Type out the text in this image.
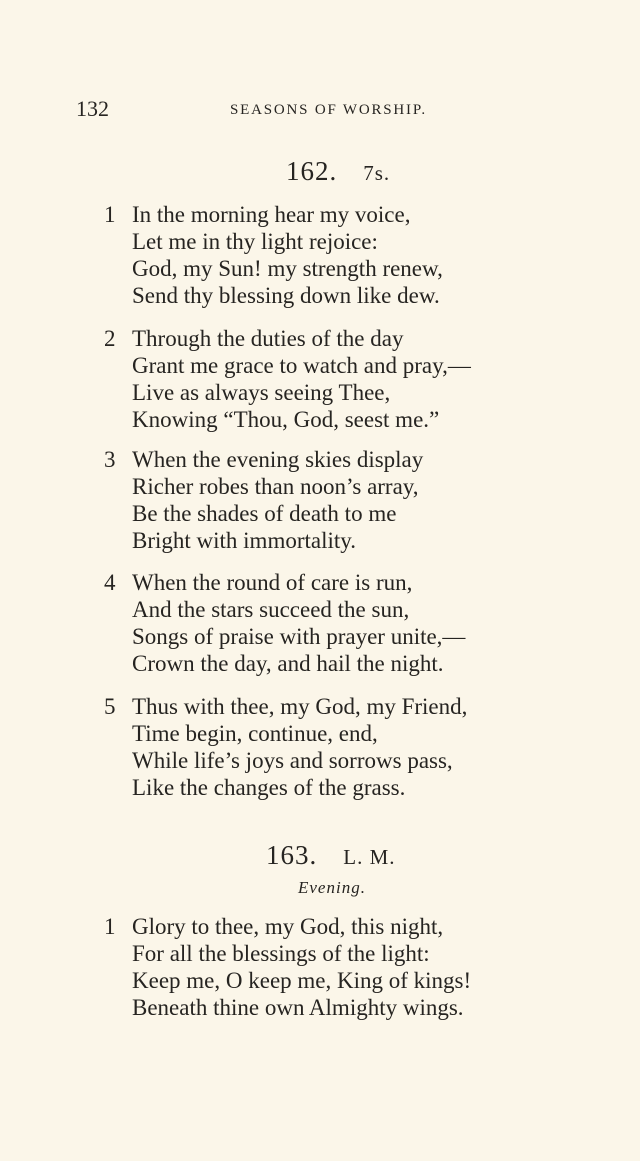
132	SEASONS OF WORSHIP.
162. 7s.
1 In the morning hear my voice,
Let me in thy light rejoice:
God, my Sun! my strength renew,
Send thy blessing down like dew.
2 Through the duties of the day
Grant me grace to watch and pray,—
Live as always seeing Thee,
Knowing “Thou, God, seest me.”
3 When the evening skies display
Richer robes than noon’s array,
Be the shades of death to me
Bright with immortality.
4 When the round of care is run,
And the stars succeed the sun,
Songs of praise with prayer unite,—
Crown the day, and hail the night.
5 Thus with thee, my God, my Friend,
Time begin, continue, end,
While life’s joys and sorrows pass,
Like the changes of the grass.
163. L. M.
Evening.
1 Glory to thee, my God, this night,
For all the blessings of the light:
Keep me, O keep me, King of kings!
Beneath thine own Almighty wings.
